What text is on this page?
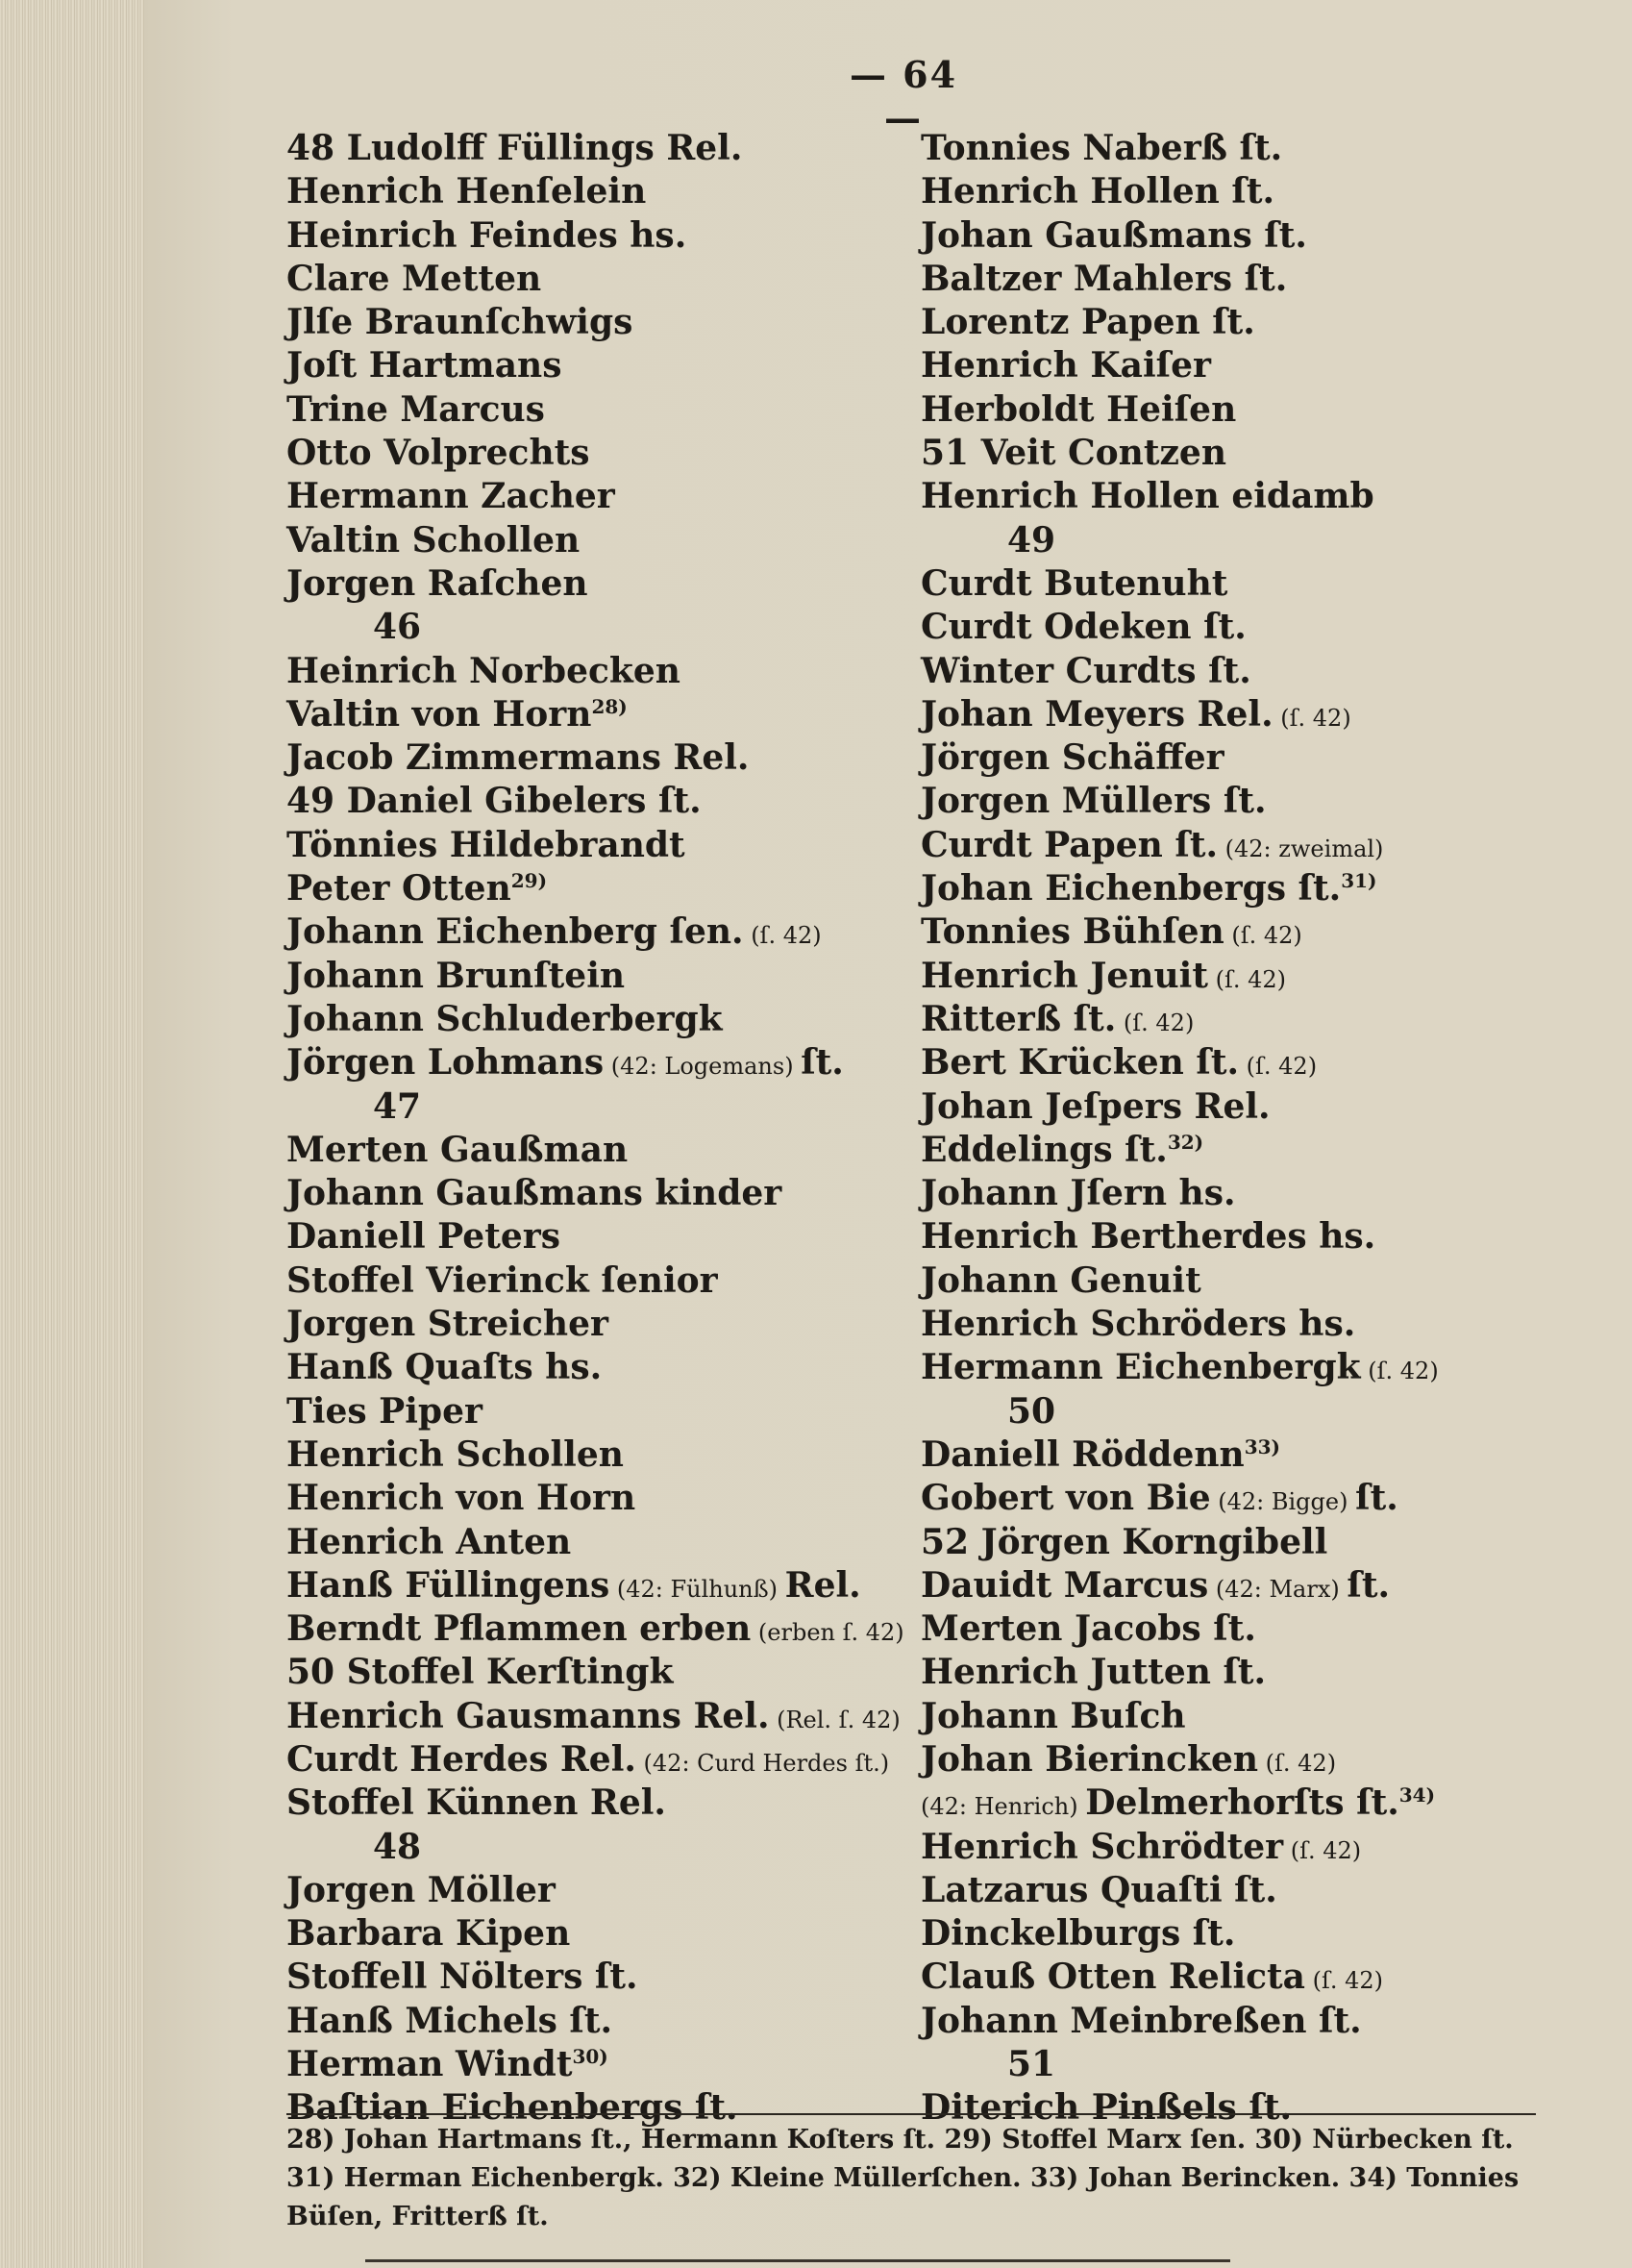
— 64 —
48 Ludolff Füllings Rel.
Henrich Henſelein
Heinrich Feindes hs.
Clare Metten
Jlſe Braunſchwigs
Joſt Hartmans
Trine Marcus
Otto Volprechts
Hermann Zacher
Valtin Schollen
Jorgen Raſchen
46
Heinrich Norbecken
Valtin von Horn$^{28)}$
Jacob Zimmermans Rel.
49 Daniel Gibelers ſt.
Tönnies Hildebrandt
Peter Otten$^{29)}$
Johann Eichenberg ſen. (ſ. 42)
Johann Brunſtein
Johann Schluderbergk
Jörgen Lohmans (42: Logemans) ſt.
47
Merten Gaußman
Johann Gaußmans kinder
Daniell Peters
Stoffel Vierinck ſenior
Jorgen Streicher
Hanß Quaſts hs.
Ties Piper
Henrich Schollen
Henrich von Horn
Henrich Anten
Hanß Füllingens (42: Fülhunß) Rel.
Berndt Pflammen erben (erben ſ. 42)
50 Stoffel Kerſtingk
Henrich Gausmanns Rel. (Rel. ſ. 42)
Curdt Herdes Rel. (42: Curd Herdes ſt.)
Stoffel Künnen Rel.
48
Jorgen Möller
Barbara Kipen
Stoffell Nölters ſt.
Hanß Michels ſt.
Herman Windt$^{30)}$
Baſtian Eichenbergs ſt.
Tonnies Naberß ſt.
Henrich Hollen ſt.
Johan Gaußmans ſt.
Baltzer Mahlers ſt.
Lorentz Papen ſt.
Henrich Kaiſer
Herboldt Heiſen
51 Veit Contzen
Henrich Hollen eidamb
49
Curdt Butenuht
Curdt Odeken ſt.
Winter Curdts ſt.
Johan Meyers Rel. (ſ. 42)
Jörgen Schäffer
Jorgen Müllers ſt.
Curdt Papen ſt. (42: zweimal)
Johan Eichenbergs ſt.$^{31)}$
Tonnies Bühſen (ſ. 42)
Henrich Jenuit (ſ. 42)
Ritterß ſt. (ſ. 42)
Bert Krücken ſt. (ſ. 42)
Johan Jeſpers Rel.
Eddelings ſt.$^{32)}$
Johann Jſern hs.
Henrich Bertherdes hs.
Johann Genuit
Henrich Schröders hs.
Hermann Eichenbergk (ſ. 42)
50
Daniell Röddenn$^{33)}$
Gobert von Bie (42: Bigge) ſt.
52 Jörgen Korngibell
Dauidt Marcus (42: Marx) ſt.
Merten Jacobs ſt.
Henrich Jutten ſt.
Johann Buſch
Johan Bierincken (ſ. 42)
(42: Henrich) Delmerhorſts ſt.$^{34)}$
Henrich Schrödter (ſ. 42)
Latzarus Quaſti ſt.
Dinckelburgs ſt.
Clauß Otten Relicta (ſ. 42)
Johann Meinbreßen ſt.
51
Diterich Pinßels ſt.
28) Johan Hartmans ſt., Hermann Koſters ſt. 29) Stoffel Marx ſen. 30) Nürbecken ſt.
31) Herman Eichenbergk. 32) Kleine Müllerſchen. 33) Johan Berincken. 34) Tonnies
Büſen, Fritterß ſt.
